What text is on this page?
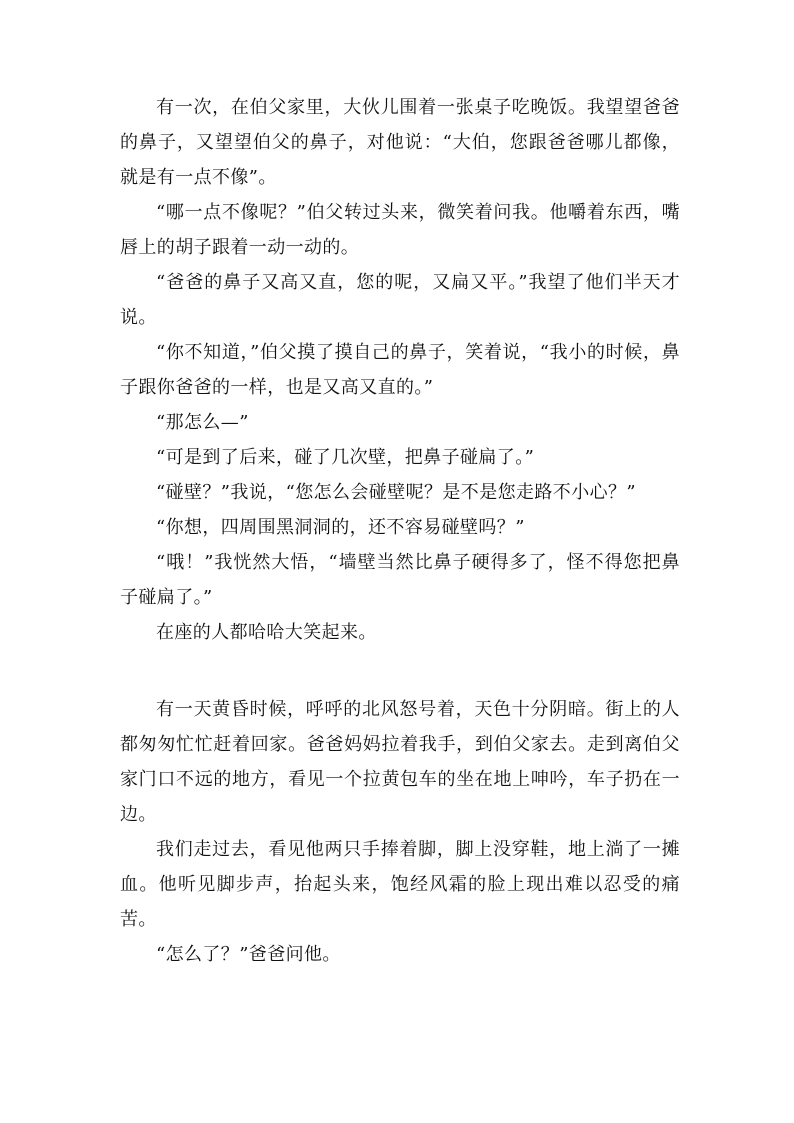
有一次，在伯父家里，大伙儿围着一张桌子吃晚饭。我望望爸爸的鼻子，又望望伯父的鼻子，对他说：“大伯，您跟爸爸哪儿都像，就是有一点不像”。

“哪一点不像呢？”伯父转过头来，微笑着问我。他嚼着东西，嘴唇上的胡子跟着一动一动的。

“爸爸的鼻子又高又直，您的呢，又扁又平。”我望了他们半天才说。

“你不知道，”伯父摸了摸自己的鼻子，笑着说，“我小的时候，鼻子跟你爸爸的一样，也是又高又直的。”

“那怎么—”

“可是到了后来，碰了几次壁，把鼻子碰扁了。”

“碰壁？”我说，“您怎么会碰壁呢？是不是您走路不小心？”

“你想，四周围黑洞洞的，还不容易碰壁吗？”

“哦！”我恍然大悟，“墙壁当然比鼻子硬得多了，怪不得您把鼻子碰扁了。”

在座的人都哈哈大笑起来。

有一天黄昏时候，呼呼的北风怒号着，天色十分阴暗。街上的人都匆匆忙忙赶着回家。爸爸妈妈拉着我手，到伯父家去。走到离伯父家门口不远的地方，看见一个拉黄包车的坐在地上呻吟，车子扔在一边。

我们走过去，看见他两只手捧着脚，脚上没穿鞋，地上淌了一摊血。他听见脚步声，抬起头来，饱经风霜的脸上现出难以忍受的痛苦。

“怎么了？”爸爸问他。
